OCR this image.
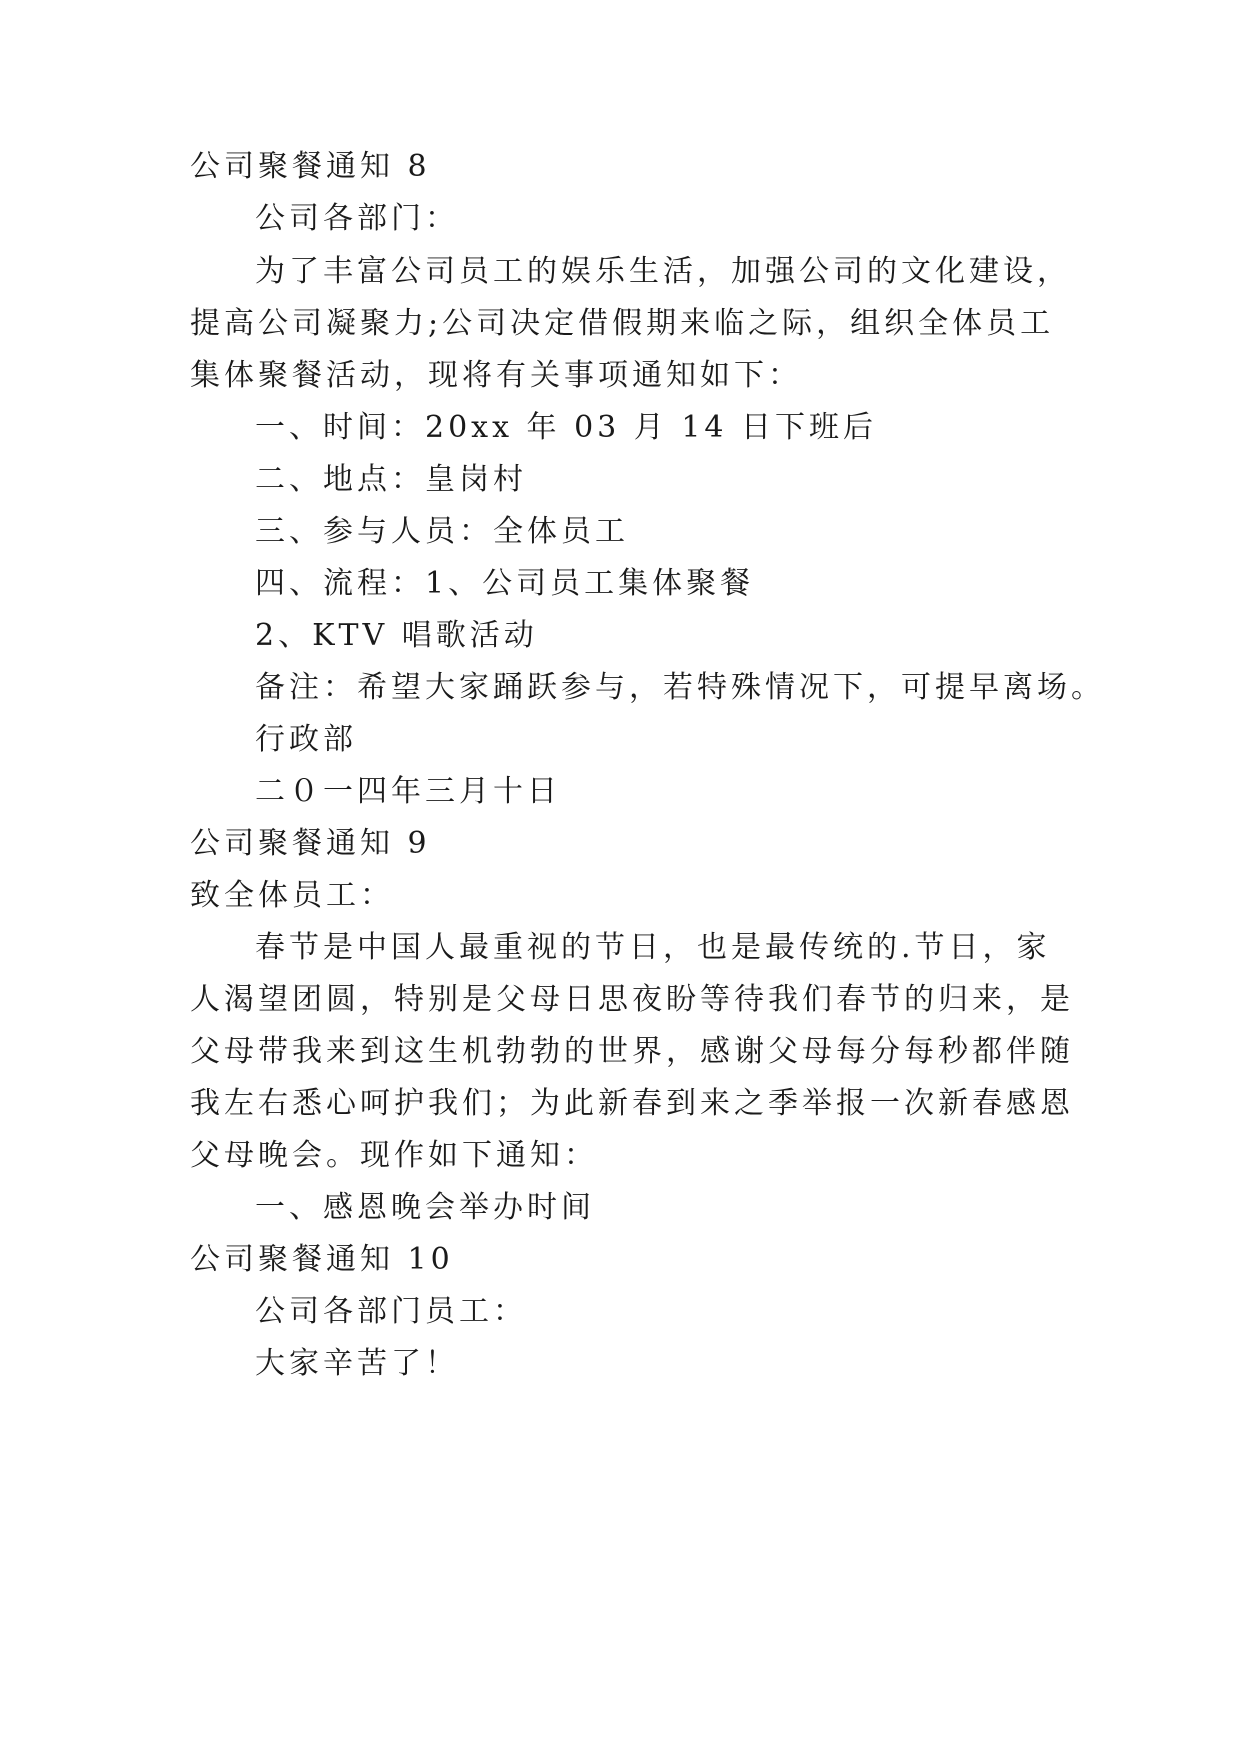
公司聚餐通知 8
公司各部门：
为了丰富公司员工的娱乐生活，加强公司的文化建设，
提高公司凝聚力;公司决定借假期来临之际，组织全体员工
集体聚餐活动，现将有关事项通知如下：
一、时间：20xx 年 03 月 14 日下班后
二、地点：皇岗村
三、参与人员：全体员工
四、流程：1、公司员工集体聚餐
2、KTV 唱歌活动
备注：希望大家踊跃参与，若特殊情况下，可提早离场。
行政部
二０一四年三月十日
公司聚餐通知 9
致全体员工：
春节是中国人最重视的节日，也是最传统的.节日，家
人渴望团圆，特别是父母日思夜盼等待我们春节的归来，是
父母带我来到这生机勃勃的世界，感谢父母每分每秒都伴随
我左右悉心呵护我们；为此新春到来之季举报一次新春感恩
父母晚会。现作如下通知：
一、感恩晚会举办时间
公司聚餐通知 10
公司各部门员工：
大家辛苦了！
